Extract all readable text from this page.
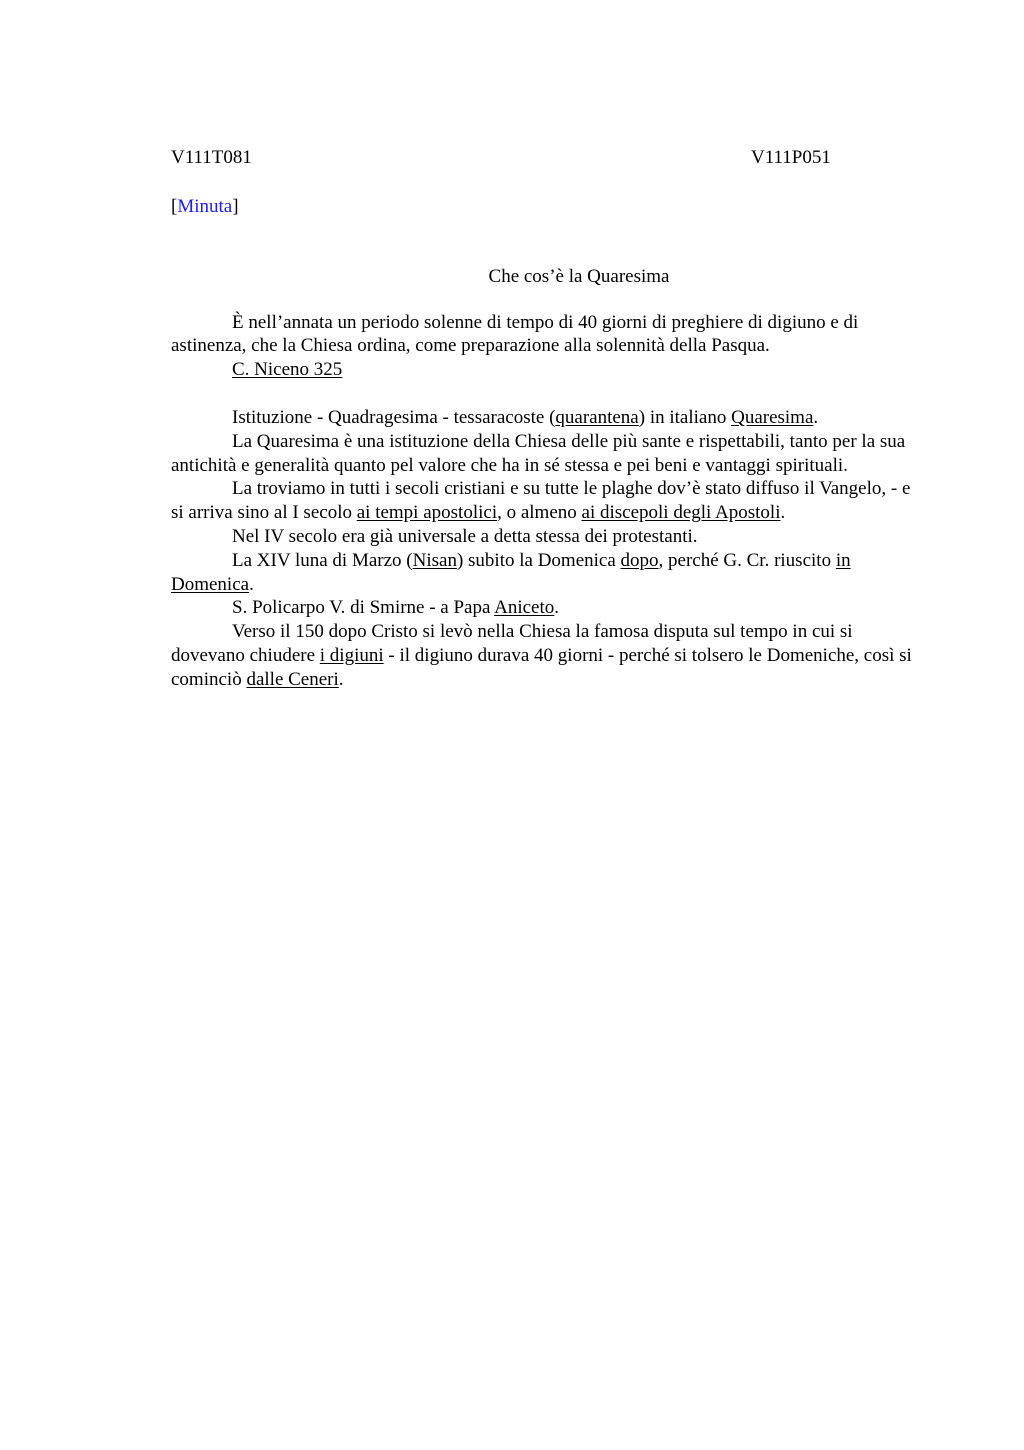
V111T081	V111P051
[Minuta]
Che cos’è la Quaresima

È nell’annata un periodo solenne di tempo di 40 giorni di preghiere di digiuno e di astinenza, che la Chiesa ordina, come preparazione alla solennità della Pasqua.

C. Niceno 325

Istituzione - Quadragesima - tessaracoste (quarantena) in italiano Quaresima.

La Quaresima è una istituzione della Chiesa delle più sante e rispettabili, tanto per la sua antichità e generalità quanto pel valore che ha in sé stessa e pei beni e vantaggi spirituali.

La troviamo in tutti i secoli cristiani e su tutte le plaghe dov’è stato diffuso il Vangelo, - e si arriva sino al I secolo ai tempi apostolici, o almeno ai discepoli degli Apostoli.

Nel IV secolo era già universale a detta stessa dei protestanti.

La XIV luna di Marzo (Nisan) subito la Domenica dopo, perché G. Cr. riuscito in Domenica.

S. Policarpo V. di Smirne - a Papa Aniceto.

Verso il 150 dopo Cristo si levò nella Chiesa la famosa disputa sul tempo in cui si dovevano chiudere i digiuni - il digiuno durava 40 giorni - perché si tolsero le Domeniche, così si cominciò dalle Ceneri.
